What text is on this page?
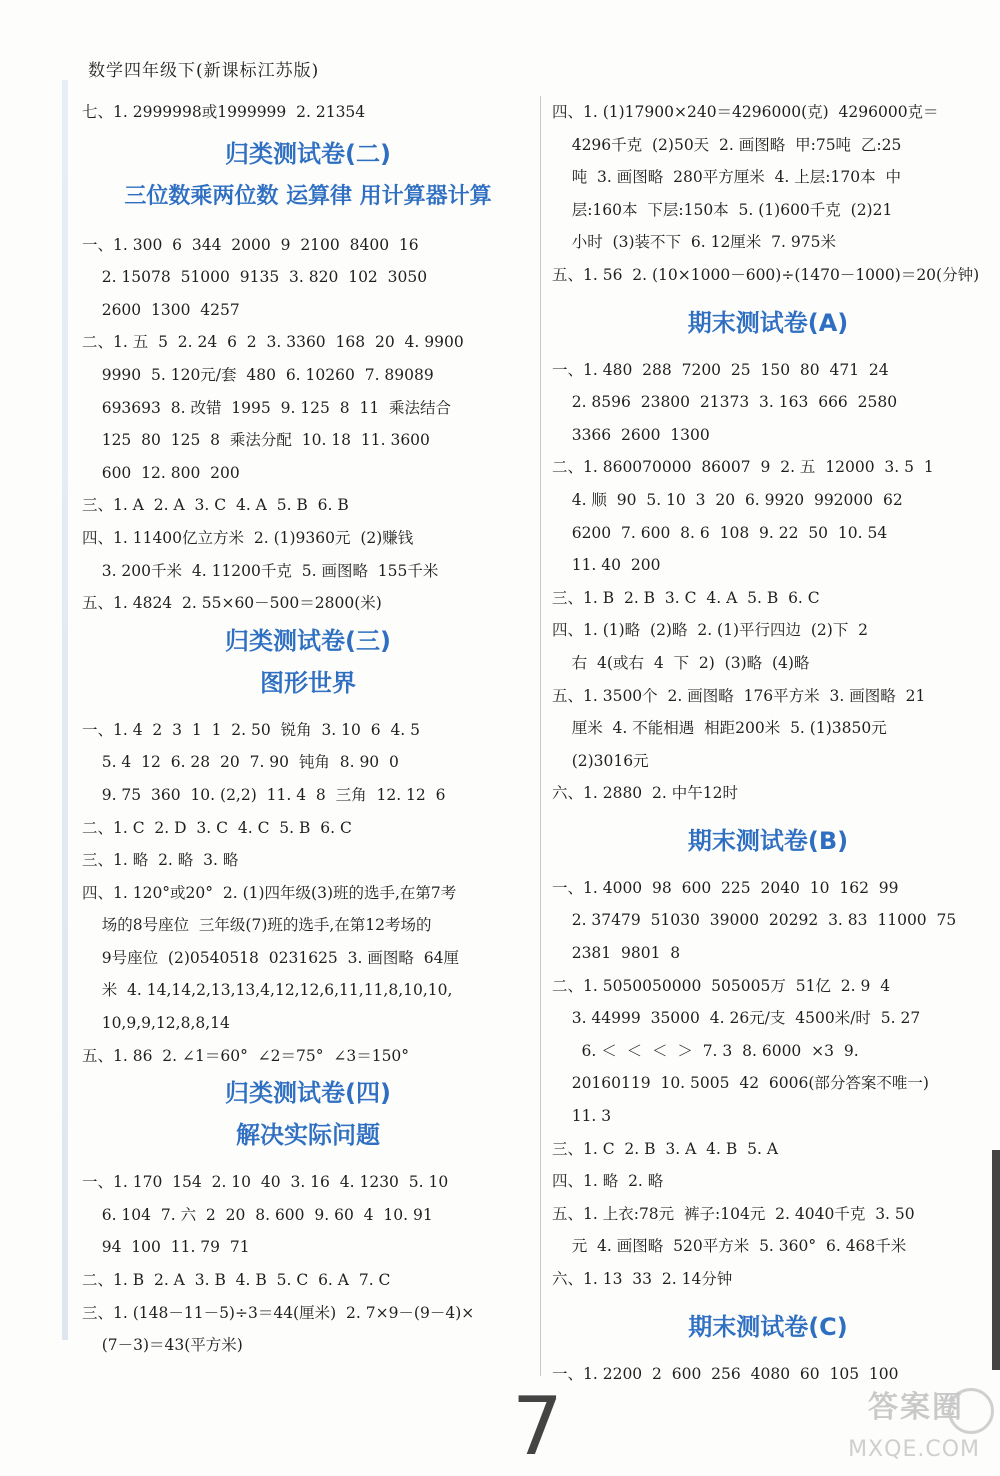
数学四年级下(新课标江苏版)
七、1. 2999998或1999999  2. 21354
归类测试卷(二)
三位数乘两位数 运算律 用计算器计算
一、1. 300  6  344  2000  9  2100  8400  16
2. 15078  51000  9135  3. 820  102  3050
2600  1300  4257
二、1. 五  5  2. 24  6  2  3. 3360  168  20  4. 9900
9990  5. 120元/套  480  6. 10260  7. 89089
693693  8. 改错  1995  9. 125  8  11  乘法结合
125  80  125  8  乘法分配  10. 18  11. 3600
600  12. 800  200
三、1. A  2. A  3. C  4. A  5. B  6. B
四、1. 11400亿立方米  2. (1)9360元  (2)赚钱
3. 200千米  4. 11200千克  5. 画图略  155千米
五、1. 4824  2. 55×60－500＝2800(米)
归类测试卷(三)
图形世界
一、1. 4  2  3  1  1  2. 50  锐角  3. 10  6  4. 5
5. 4  12  6. 28  20  7. 90  钝角  8. 90  0
9. 75  360  10. (2,2)  11. 4  8  三角  12. 12  6
二、1. C  2. D  3. C  4. C  5. B  6. C
三、1. 略  2. 略  3. 略
四、1. 120°或20°  2. (1)四年级(3)班的选手,在第7考
场的8号座位  三年级(7)班的选手,在第12考场的
9号座位  (2)0540518  0231625  3. 画图略  64厘
米  4. 14,14,2,13,13,4,12,12,6,11,11,8,10,10,
10,9,9,12,8,8,14
五、1. 86  2. ∠1＝60°  ∠2＝75°  ∠3＝150°
归类测试卷(四)
解决实际问题
一、1. 170  154  2. 10  40  3. 16  4. 1230  5. 10
6. 104  7. 六  2  20  8. 600  9. 60  4  10. 91
94  100  11. 79  71
二、1. B  2. A  3. B  4. B  5. C  6. A  7. C
三、1. (148－11－5)÷3＝44(厘米)  2. 7×9－(9－4)×
(7－3)＝43(平方米)
四、1. (1)17900×240＝4296000(克)  4296000克＝
4296千克  (2)50天  2. 画图略  甲:75吨  乙:25
吨  3. 画图略  280平方厘米  4. 上层:170本  中
层:160本  下层:150本  5. (1)600千克  (2)21
小时  (3)装不下  6. 12厘米  7. 975米
五、1. 56  2. (10×1000－600)÷(1470－1000)＝20(分钟)
期末测试卷(A)
一、1. 480  288  7200  25  150  80  471  24
2. 8596  23800  21373  3. 163  666  2580
3366  2600  1300
二、1. 860070000  86007  9  2. 五  12000  3. 5  1
4. 顺  90  5. 10  3  20  6. 9920  992000  62
6200  7. 600  8. 6  108  9. 22  50  10. 54
11. 40  200
三、1. B  2. B  3. C  4. A  5. B  6. C
四、1. (1)略  (2)略  2. (1)平行四边  (2)下  2
右  4(或右  4  下  2)  (3)略  (4)略
五、1. 3500个  2. 画图略  176平方米  3. 画图略  21
厘米  4. 不能相遇  相距200米  5. (1)3850元
(2)3016元
六、1. 2880  2. 中午12时
期末测试卷(B)
一、1. 4000  98  600  225  2040  10  162  99
2. 37479  51030  39000  20292  3. 83  11000  75
2381  9801  8
二、1. 5050050000  505005万  51亿  2. 9  4
3. 44999  35000  4. 26元/支  4500米/时  5. 27
6. ＜  ＜  ＜  ＞  7. 3  8. 6000  ×3  9.
20160119  10. 5005  42  6006(部分答案不唯一)
11. 3
三、1. C  2. B  3. A  4. B  5. A
四、1. 略  2. 略
五、1. 上衣:78元  裤子:104元  2. 4040千克  3. 50
元  4. 画图略  520平方米  5. 360°  6. 468千米
六、1. 13  33  2. 14分钟
期末测试卷(C)
一、1. 2200  2  600  256  4080  60  105  100
7	答案圈
MXQE.COM
